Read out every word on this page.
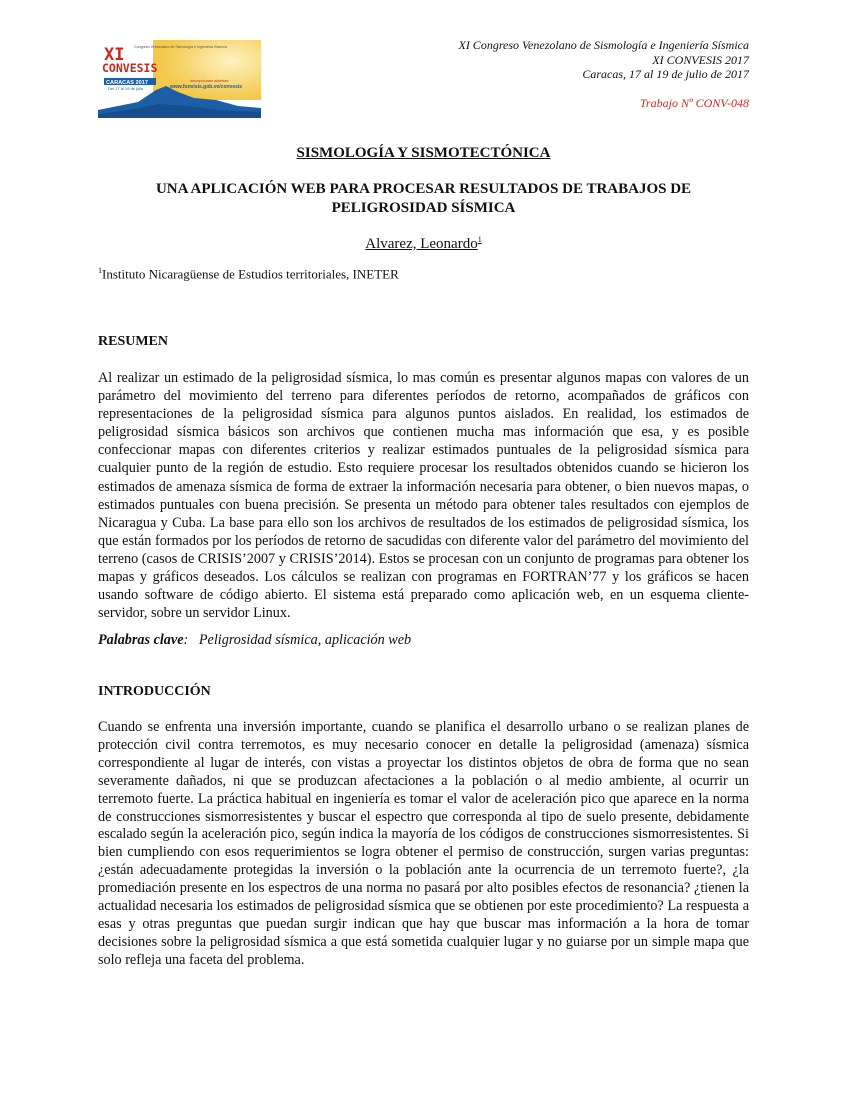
XI
CONVESIS
Congreso Venezolano de Sismología e Ingeniería Sísmica
CARACAS 2017
Del 17 al 19 de julio
inscripciones abiertas
www.funvisis.gob.ve/convesis
XI Congreso Venezolano de Sismología e Ingeniería Sísmica
XI CONVESIS 2017
Caracas, 17 al 19 de julio de 2017
Trabajo Nº CONV-048
SISMOLOGÍA Y SISMOTECTÓNICA
UNA APLICACIÓN WEB PARA PROCESAR RESULTADOS DE TRABAJOS DE
PELIGROSIDAD SÍSMICA
Alvarez, Leonardo$^1$
$^1$Instituto Nicaragüense de Estudios territoriales, INETER
RESUMEN

Al realizar un estimado de la peligrosidad sísmica, lo mas común es presentar algunos mapas con valores de un parámetro del movimiento del terreno para diferentes períodos de retorno, acompañados de gráficos con representaciones de la peligrosidad sísmica para algunos puntos aislados. En realidad, los estimados de peligrosidad sísmica básicos son archivos que contienen mucha mas información que esa, y es posible confeccionar mapas con diferentes criterios y realizar estimados puntuales de la peligrosidad sísmica para cualquier punto de la región de estudio. Esto requiere procesar los resultados obtenidos cuando se hicieron los estimados de amenaza sísmica de forma de extraer la información necesaria para obtener, o bien nuevos mapas, o estimados puntuales con buena precisión. Se presenta un método para obtener tales resultados con ejemplos de Nicaragua y Cuba. La base para ello son los archivos de resultados de los estimados de peligrosidad sísmica, los que están formados por los períodos de retorno de sacudidas con diferente valor del parámetro del movimiento del terreno (casos de CRISIS’2007 y CRISIS’2014). Estos se procesan con un conjunto de programas para obtener los mapas y gráficos deseados. Los cálculos se realizan con programas en FORTRAN’77 y los gráficos se hacen usando software de código abierto. El sistema está preparado como aplicación web, en un esquema cliente-servidor, sobre un servidor Linux.

Palabras clave: Peligrosidad sísmica, aplicación web
INTRODUCCIÓN

Cuando se enfrenta una inversión importante, cuando se planifica el desarrollo urbano o se realizan planes de protección civil contra terremotos, es muy necesario conocer en detalle la peligrosidad (amenaza) sísmica correspondiente al lugar de interés, con vistas a proyectar los distintos objetos de obra de forma que no sean severamente dañados, ni que se produzcan afectaciones a la población o al medio ambiente, al ocurrir un terremoto fuerte. La práctica habitual en ingeniería es tomar el valor de aceleración pico que aparece en la norma de construcciones sismorresistentes y buscar el espectro que corresponda al tipo de suelo presente, debidamente escalado según la aceleración pico, según indica la mayoría de los códigos de construcciones sismorresistentes. Si bien cumpliendo con esos requerimientos se logra obtener el permiso de construcción, surgen varias preguntas: ¿están adecuadamente protegidas la inversión o la población ante la ocurrencia de un terremoto fuerte?, ¿la promediación presente en los espectros de una norma no pasará por alto posibles efectos de resonancia? ¿tienen la actualidad necesaria los estimados de peligrosidad sísmica que se obtienen por este procedimiento? La respuesta a esas y otras preguntas que puedan surgir indican que hay que buscar mas información a la hora de tomar decisiones sobre la peligrosidad sísmica a que está sometida cualquier lugar y no guiarse por un simple mapa que solo refleja una faceta del problema.
